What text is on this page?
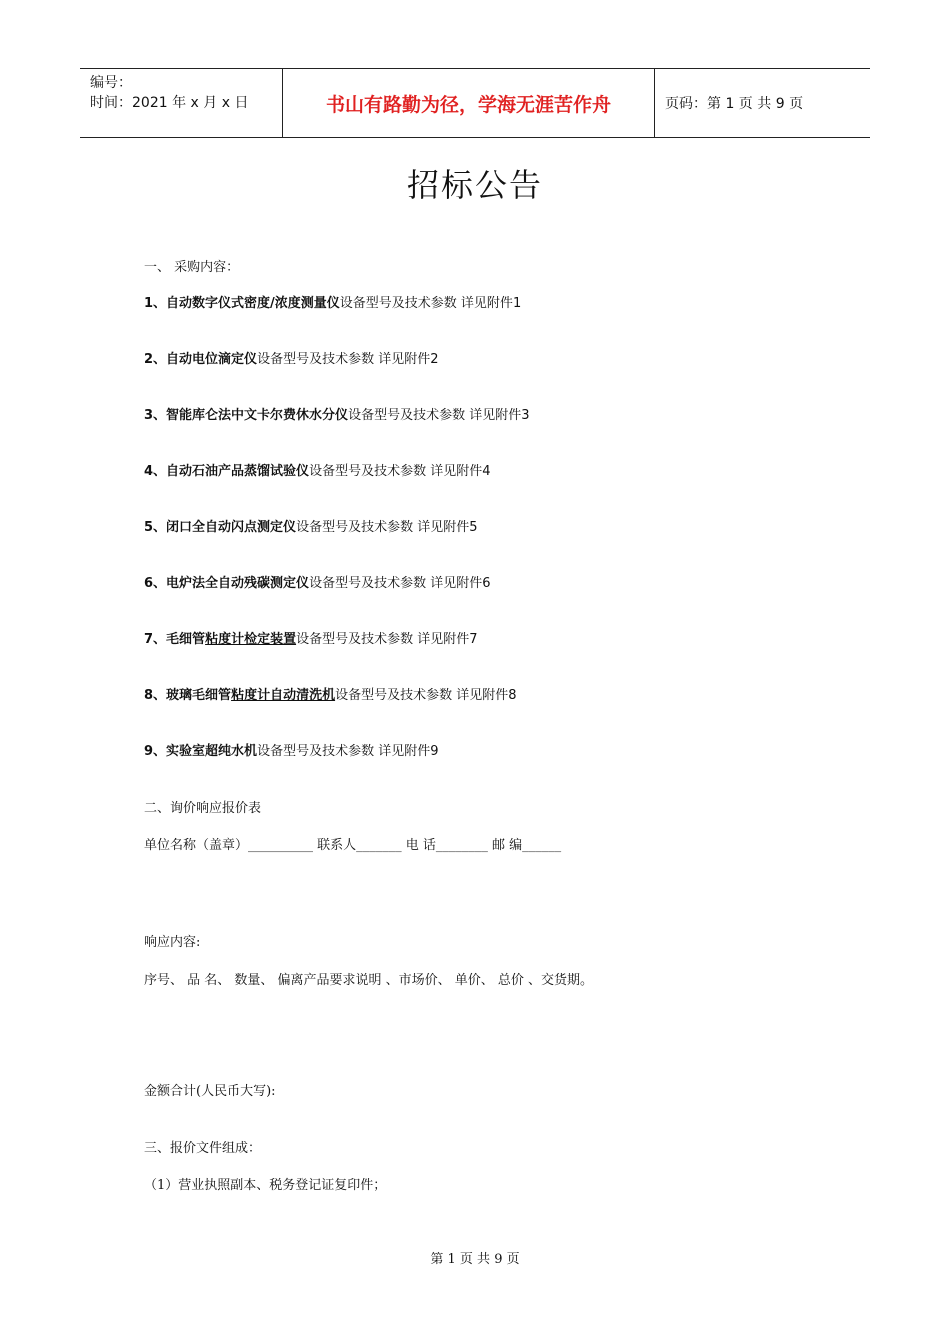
编号：
时间：2021 年 x 月 x 日	书山有路勤为径，学海无涯苦作舟	页码：第 1 页 共 9 页
招标公告
一、 采购内容：
1、自动数字仪式密度/浓度测量仪设备型号及技术参数 详见附件1
2、自动电位滴定仪设备型号及技术参数 详见附件2
3、智能库仑法中文卡尔费休水分仪设备型号及技术参数 详见附件3
4、自动石油产品蒸馏试验仪设备型号及技术参数 详见附件4
5、闭口全自动闪点测定仪设备型号及技术参数 详见附件5
6、电炉法全自动残碳测定仪设备型号及技术参数 详见附件6
7、毛细管粘度计检定装置设备型号及技术参数 详见附件7
8、玻璃毛细管粘度计自动清洗机设备型号及技术参数 详见附件8
9、实验室超纯水机设备型号及技术参数 详见附件9
二、询价响应报价表
单位名称（盖章）__________ 联系人_______ 电 话________ 邮 编______
响应内容:
序号、 品 名、 数量、 偏离产品要求说明 、市场价、 单价、 总价 、交货期。
金额合计(人民币大写):
三、报价文件组成：
（1）营业执照副本、税务登记证复印件；
第 1 页 共 9 页
